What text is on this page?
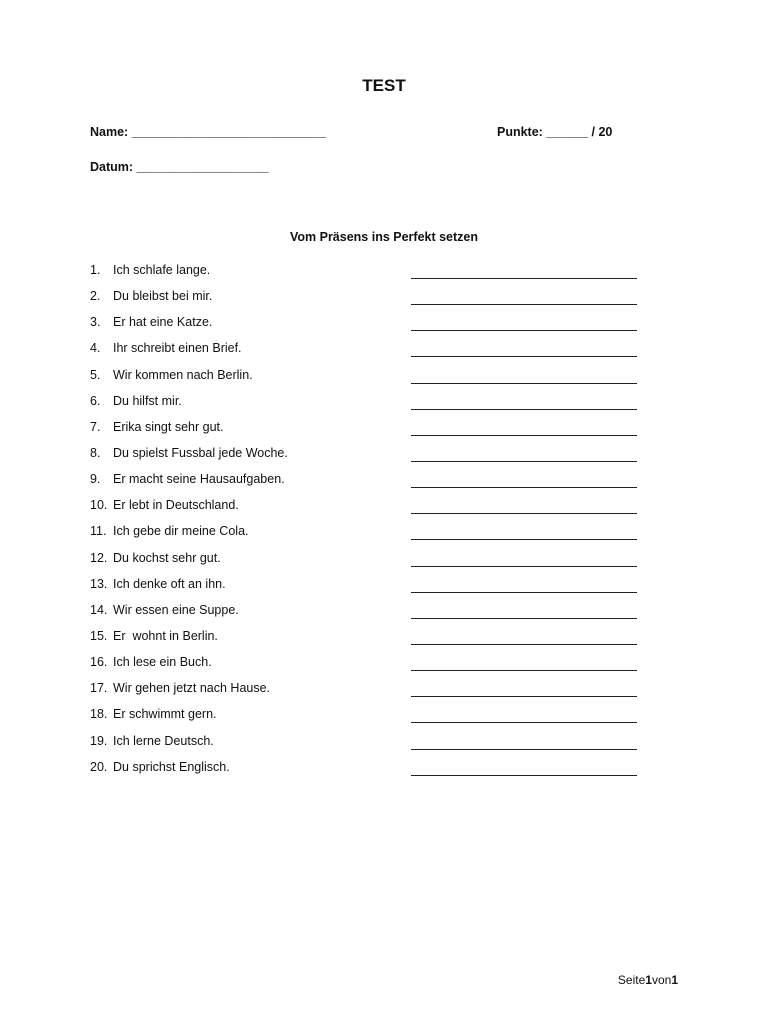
TEST
Name: ____________________________	Punkte: ______ / 20
Datum: ___________________
Vom Präsens ins Perfekt setzen
1.	Ich schlafe lange.
2.	Du bleibst bei mir.
3.	Er hat eine Katze.
4.	Ihr schreibt einen Brief.
5.	Wir kommen nach Berlin.
6.	Du hilfst mir.
7.	Erika singt sehr gut.
8.	Du spielst Fussbal jede Woche.
9.	Er macht seine Hausaufgaben.
10. Er lebt in Deutschland.
11. Ich gebe dir meine Cola.
12. Du kochst sehr gut.
13. Ich denke oft an ihn.
14. Wir essen eine Suppe.
15. Er  wohnt in Berlin.
16. Ich lese ein Buch.
17. Wir gehen jetzt nach Hause.
18. Er schwimmt gern.
19. Ich lerne Deutsch.
20. Du sprichst Englisch.
Seite1von1
